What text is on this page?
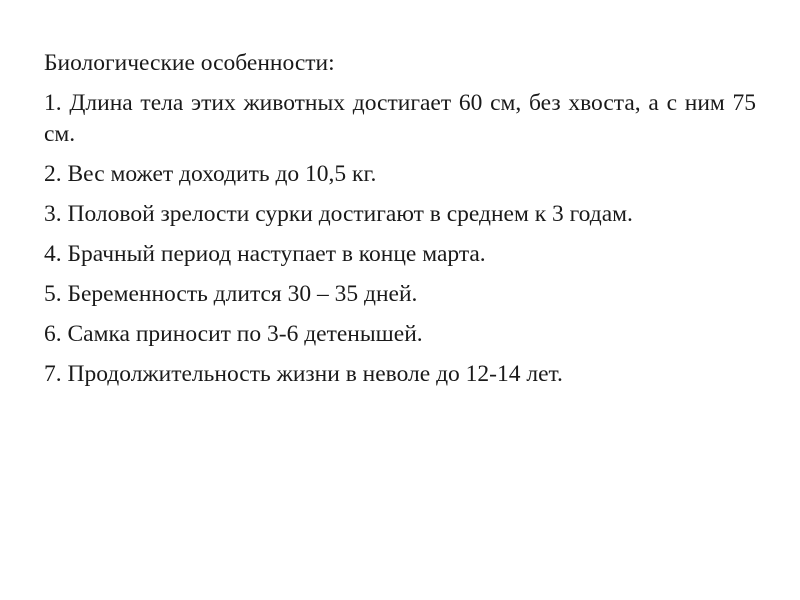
Биологические особенности:
1. Длина тела этих животных достигает 60 см, без хвоста, а с ним 75 см.
2. Вес может доходить до 10,5 кг.
3. Половой зрелости сурки достигают в среднем к 3 годам.
4. Брачный период наступает в конце марта.
5. Беременность длится 30 – 35 дней.
6. Самка приносит по 3-6 детенышей.
7. Продолжительность жизни в неволе до 12-14 лет.
